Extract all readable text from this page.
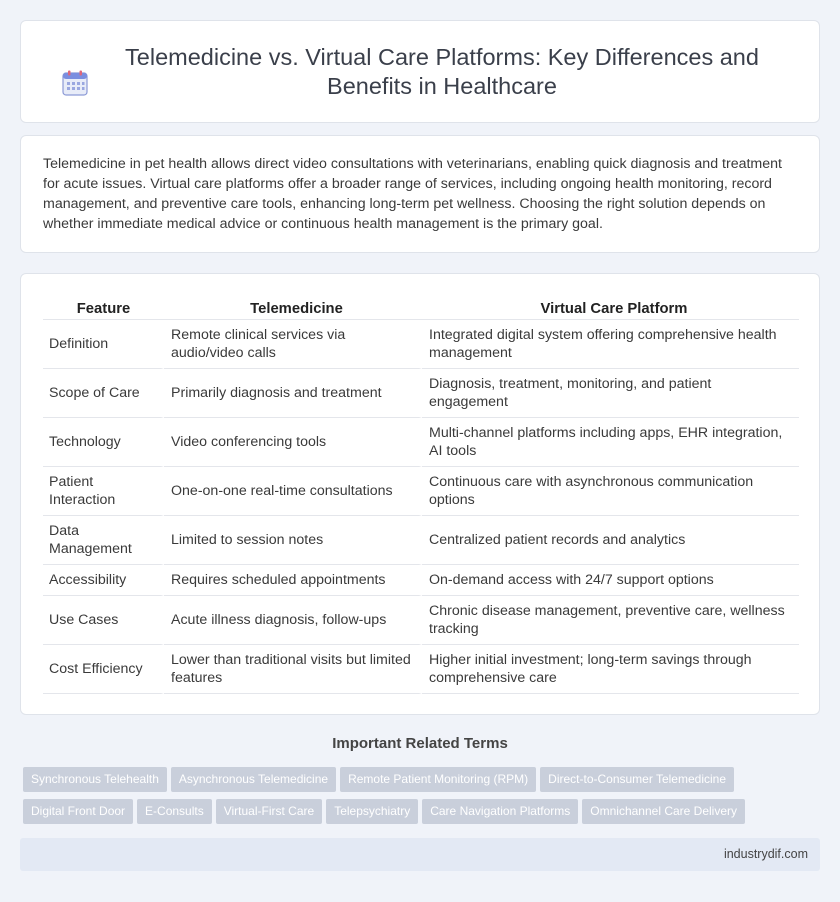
Telemedicine vs. Virtual Care Platforms: Key Differences and Benefits in Healthcare

Telemedicine in pet health allows direct video consultations with veterinarians, enabling quick diagnosis and treatment for acute issues. Virtual care platforms offer a broader range of services, including ongoing health monitoring, record management, and preventive care tools, enhancing long-term pet wellness. Choosing the right solution depends on whether immediate medical advice or continuous health management is the primary goal.

Feature	Telemedicine	Virtual Care Platform
Definition	Remote clinical services via audio/video calls	Integrated digital system offering comprehensive health management
Scope of Care	Primarily diagnosis and treatment	Diagnosis, treatment, monitoring, and patient engagement
Technology	Video conferencing tools	Multi-channel platforms including apps, EHR integration, AI tools
Patient Interaction	One-on-one real-time consultations	Continuous care with asynchronous communication options
Data Management	Limited to session notes	Centralized patient records and analytics
Accessibility	Requires scheduled appointments	On-demand access with 24/7 support options
Use Cases	Acute illness diagnosis, follow-ups	Chronic disease management, preventive care, wellness tracking
Cost Efficiency	Lower than traditional visits but limited features	Higher initial investment; long-term savings through comprehensive care
Important Related Terms
Synchronous Telehealth	Asynchronous Telemedicine	Remote Patient Monitoring (RPM)	Direct-to-Consumer Telemedicine
Digital Front Door	E-Consults	Virtual-First Care	Telepsychiatry	Care Navigation Platforms	Omnichannel Care Delivery
industrydif.com
